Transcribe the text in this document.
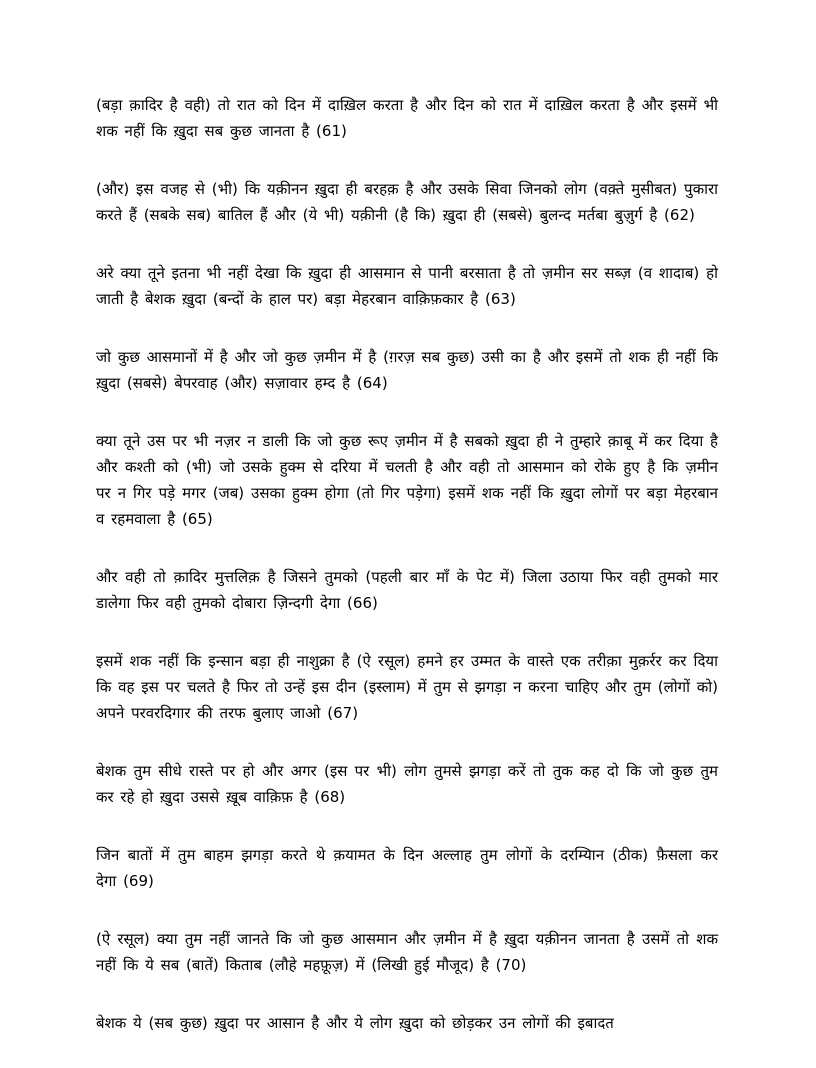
(बड़ा क़ादिर है वही) तो रात को दिन में दाख़िल करता है और दिन को रात में दाख़िल करता है और इसमें भी शक नहीं कि ख़ुदा सब कुछ जानता है (61)

(और) इस वजह से (भी) कि यक़ीनन ख़ुदा ही बरहक़ है और उसके सिवा जिनको लोग (वक़्ते मुसीबत) पुकारा करते हैं (सबके सब) बातिल हैं और (ये भी) यक़ीनी (है कि) ख़ुदा ही (सबसे) बुलन्द मर्तबा बुज़ुर्ग है (62)

अरे क्या तूने इतना भी नहीं देखा कि ख़ुदा ही आसमान से पानी बरसाता है तो ज़मीन सर सब्ज़ (व शादाब) हो जाती है बेशक ख़ुदा (बन्दों के हाल पर) बड़ा मेहरबान वाक़िफ़कार है (63)

जो कुछ आसमानों में है और जो कुछ ज़मीन में है (ग़रज़ सब कुछ) उसी का है और इसमें तो शक ही नहीं कि ख़ुदा (सबसे) बेपरवाह (और) सज़ावार हम्द है (64)

क्या तूने उस पर भी नज़र न डाली कि जो कुछ रूए ज़मीन में है सबको ख़ुदा ही ने तुम्हारे क़ाबू में कर दिया है और कश्ती को (भी) जो उसके हुक्म से दरिया में चलती है और वही तो आसमान को रोके हुए है कि ज़मीन पर न गिर पड़े मगर (जब) उसका हुक्म होगा (तो गिर पड़ेगा) इसमें शक नहीं कि ख़ुदा लोगों पर बड़ा मेहरबान व रहमवाला है (65)

और वही तो क़ादिर मुत्तलिक़ है जिसने तुमको (पहली बार माँ के पेट में) जिला उठाया फिर वही तुमको मार डालेगा फिर वही तुमको दोबारा ज़िन्दगी देगा (66)

इसमें शक नहीं कि इन्सान बड़ा ही नाशुक्रा है (ऐ रसूल) हमने हर उम्मत के वास्ते एक तरीक़ा मुक़र्रर कर दिया कि वह इस पर चलते है फिर तो उन्हें इस दीन (इस्लाम) में तुम से झगड़ा न करना चाहिए और तुम (लोगों को) अपने परवरदिगार की तरफ बुलाए जाओ (67)

बेशक तुम सीधे रास्ते पर हो और अगर (इस पर भी) लोग तुमसे झगड़ा करें तो तुक कह दो कि जो कुछ तुम कर रहे हो ख़ुदा उससे ख़ूब वाक़िफ़ है (68)

जिन बातों में तुम बाहम झगड़ा करते थे क़यामत के दिन अल्लाह तुम लोगों के दरम्यिान (ठीक) फ़ैसला कर देगा (69)

(ऐ रसूल) क्या तुम नहीं जानते कि जो कुछ आसमान और ज़मीन में है ख़ुदा यक़ीनन जानता है उसमें तो शक नहीं कि ये सब (बातें) किताब (लौहे महफ़ूज़) में (लिखी हुई मौजूद) है (70)

बेशक ये (सब कुछ) ख़ुदा पर आसान है और ये लोग ख़ुदा को छोड़कर उन लोगों की इबादत
